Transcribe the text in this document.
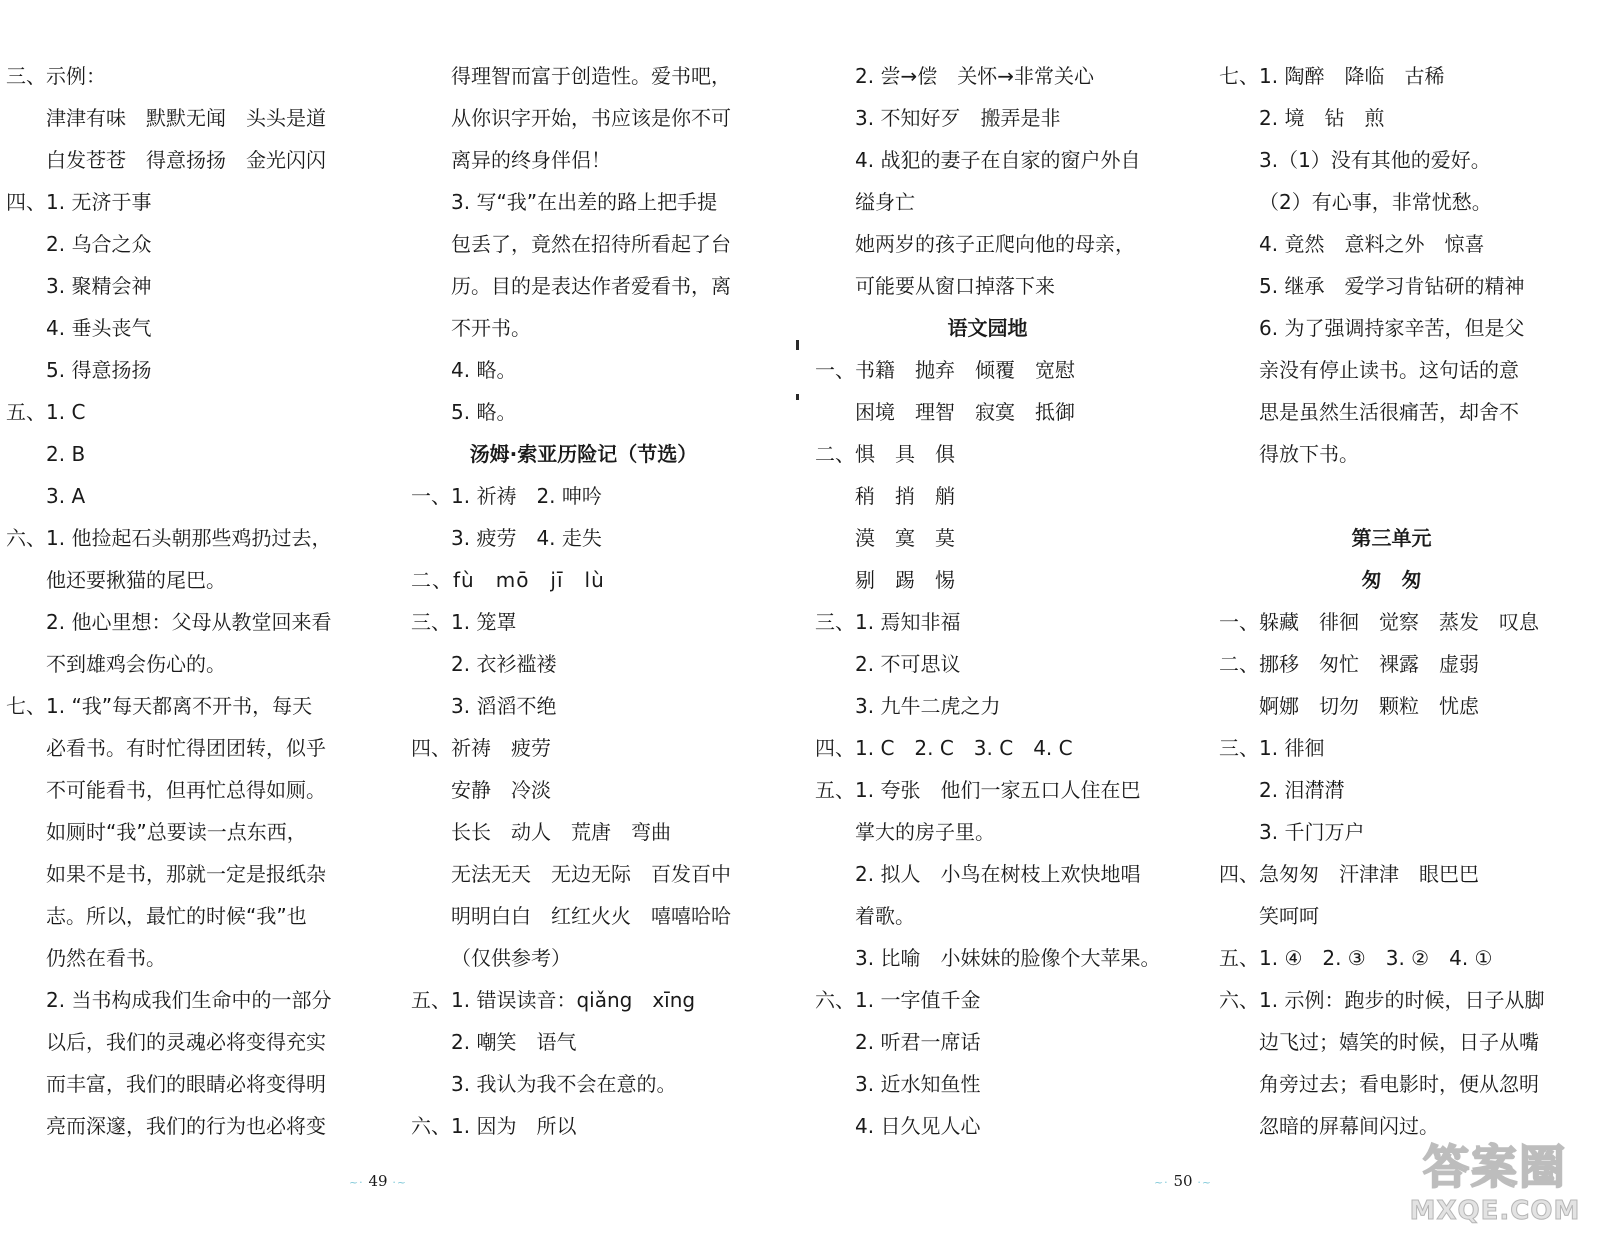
三、示例：
津津有味　默默无闻　头头是道
白发苍苍　得意扬扬　金光闪闪
四、1. 无济于事
2. 乌合之众
3. 聚精会神
4. 垂头丧气
5. 得意扬扬
五、1. C
2. B
3. A
六、1. 他捡起石头朝那些鸡扔过去，
他还要揪猫的尾巴。
2. 他心里想：父母从教堂回来看
不到雄鸡会伤心的。
七、1. “我”每天都离不开书，每天
必看书。有时忙得团团转，似乎
不可能看书，但再忙总得如厕。
如厕时“我”总要读一点东西，
如果不是书，那就一定是报纸杂
志。所以，最忙的时候“我”也
仍然在看书。
2. 当书构成我们生命中的一部分
以后，我们的灵魂必将变得充实
而丰富，我们的眼睛必将变得明
亮而深邃，我们的行为也必将变
得理智而富于创造性。爱书吧，
从你识字开始，书应该是你不可
离异的终身伴侣！
3. 写“我”在出差的路上把手提
包丢了，竟然在招待所看起了台
历。目的是表达作者爱看书，离
不开书。
4. 略。
5. 略。
汤姆·索亚历险记（节选）
一、1. 祈祷　2. 呻吟
3. 疲劳　4. 走失
二、fù　mō　jī　lù
三、1. 笼罩
2. 衣衫褴褛
3. 滔滔不绝
四、祈祷　疲劳
安静　冷淡
长长　动人　荒唐　弯曲
无法无天　无边无际　百发百中
明明白白　红红火火　嘻嘻哈哈
（仅供参考）
五、1. 错误读音：qiǎng　xīng
2. 嘲笑　语气
3. 我认为我不会在意的。
六、1. 因为　所以
2. 尝→偿　关怀→非常关心
3. 不知好歹　搬弄是非
4. 战犯的妻子在自家的窗户外自
缢身亡
她两岁的孩子正爬向他的母亲，
可能要从窗口掉落下来
语文园地
一、书籍　抛弃　倾覆　宽慰
困境　理智　寂寞　抵御
二、惧　具　俱
稍　捎　艄
漠　寞　莫
剔　踢　惕
三、1. 焉知非福
2. 不可思议
3. 九牛二虎之力
四、1. C　2. C　3. C　4. C
五、1. 夸张　他们一家五口人住在巴
掌大的房子里。
2. 拟人　小鸟在树枝上欢快地唱
着歌。
3. 比喻　小妹妹的脸像个大苹果。
六、1. 一字值千金
2. 听君一席话
3. 近水知鱼性
4. 日久见人心
七、1. 陶醉　降临　古稀
2. 境　钻　煎
3.（1）没有其他的爱好。
（2）有心事，非常忧愁。
4. 竟然　意料之外　惊喜
5. 继承　爱学习肯钻研的精神
6. 为了强调持家辛苦，但是父
亲没有停止读书。这句话的意
思是虽然生活很痛苦，却舍不
得放下书。
第三单元
匆　匆
一、躲藏　徘徊　觉察　蒸发　叹息
二、挪移　匆忙　裸露　虚弱
婀娜　切勿　颗粒　忧虑
三、1. 徘徊
2. 泪潸潸
3. 千门万户
四、急匆匆　汗津津　眼巴巴
笑呵呵
五、1. ④　2. ③　3. ②　4. ①
六、1. 示例：跑步的时候，日子从脚
边飞过；嬉笑的时候，日子从嘴
角旁过去；看电影时，便从忽明
忽暗的屏幕间闪过。
~· 49 ·~	~· 50 ·~	答案圈
MXQE.COM
